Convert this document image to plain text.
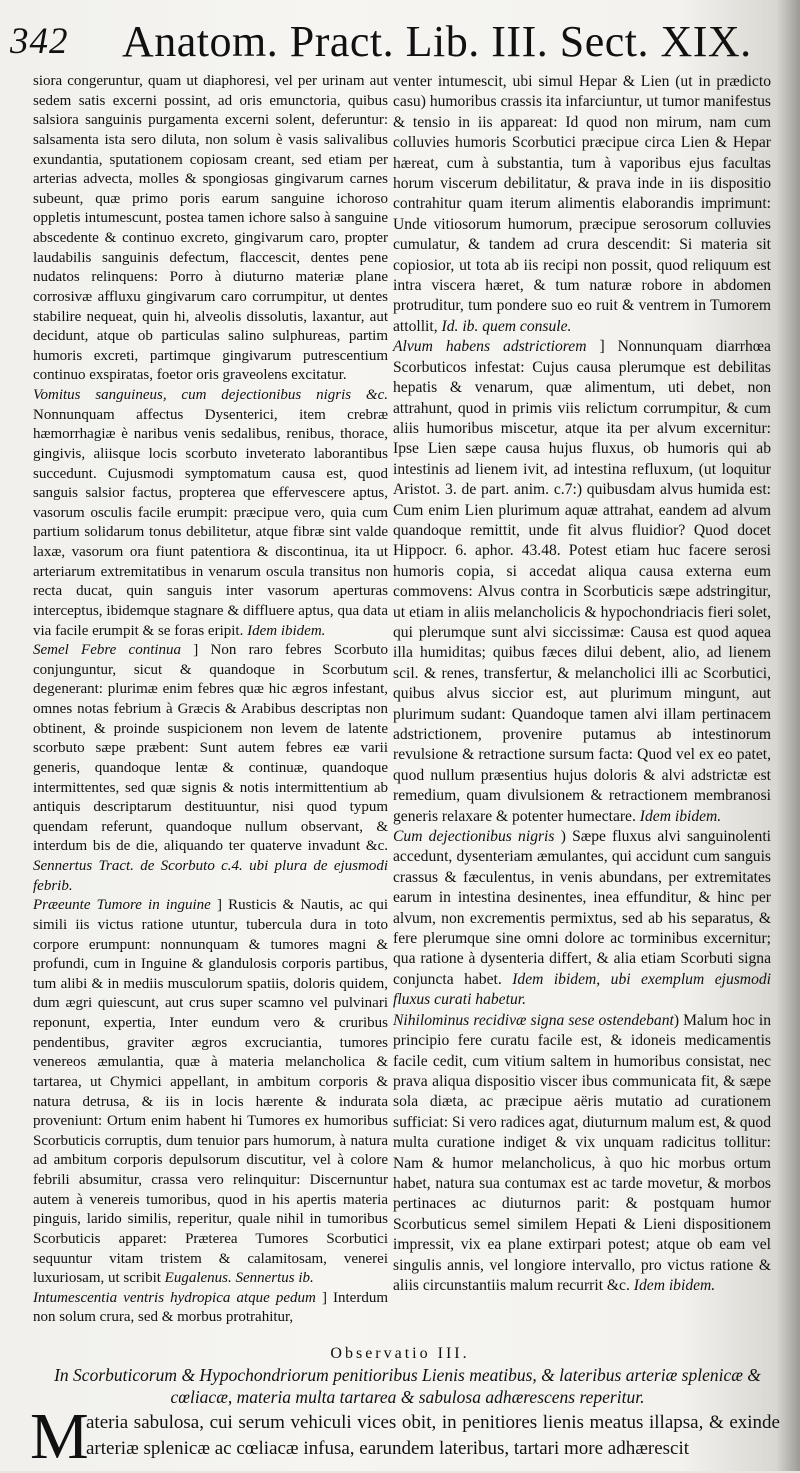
342 Anatom. Pract. Lib. III. Sect. XIX.

siora congeruntur, quam ut diaphoresi, vel per urinam aut sedem satis excerni possint, ad oris emunctoria, quibus salsiora sanguinis purgamenta excerni solent, deferuntur: salsamenta ista sero diluta, non solum è vasis salivalibus exundantia, sputationem copiosam creant, sed etiam per arterias advecta, molles & spongiosas gingivarum carnes subeunt, quæ primo poris earum sanguine ichoroso oppletis intumescunt, postea tamen ichore salso à sanguine abscedente & continuo excreto, gingivarum caro, propter laudabilis sanguinis defectum, flaccescit, dentes pene nudatos relinquens: Porro à diuturno materiæ plane corrosivæ affluxu gingivarum caro corrumpitur, ut dentes stabilire nequeat, quin hi, alveolis dissolutis, laxantur, aut decidunt, atque ob particulas salino sulphureas, partim humoris excreti, partimque gingivarum putrescentium continuo exspiratas, foetor oris graveolens excitatur.

Vomitus sanguineus, cum dejectionibus nigris &c. Nonnunquam affectus Dysenterici, item crebræ hæmorrhagiæ è naribus venis sedalibus, renibus, thorace, gingivis, aliisque locis scorbuto inveterato laborantibus succedunt. Cujusmodi symptomatum causa est, quod sanguis salsior factus, propterea que effervescere aptus, vasorum osculis facile erumpit: præcipue vero, quia cum partium solidarum tonus debilitetur, atque fibræ sint valde laxæ, vasorum ora fiunt patentiora & discontinua, ita ut arteriarum extremitatibus in venarum oscula transitus non recta ducat, quin sanguis inter vasorum aperturas interceptus, ibidemque stagnare & diffluere aptus, qua data via facile erumpit & se foras eripit. Idem ibidem.

Semel Febre continua ] Non raro febres Scorbuto conjunguntur, sicut & quandoque in Scorbutum degenerant: plurimæ enim febres quæ hic ægros infestant, omnes notas febrium à Græcis & Arabibus descriptas non obtinent, & proinde suspicionem non levem de latente scorbuto sæpe præbent: Sunt autem febres eæ varii generis, quandoque lentæ & continuæ, quandoque intermittentes, sed quæ signis & notis intermittentium ab antiquis descriptarum destituuntur, nisi quod typum quendam referunt, quandoque nullum observant, & interdum bis de die, aliquando ter quaterve invadunt &c. Sennertus Tract. de Scorbuto c.4. ubi plura de ejusmodi febrib.

Præeunte Tumore in inguine ] Rusticis & Nautis, ac qui simili iis victus ratione utuntur, tubercula dura in toto corpore erumpunt: nonnunquam & tumores magni & profundi, cum in Inguine & glandulosis corporis partibus, tum alibi & in mediis musculorum spatiis, doloris quidem, dum ægri quiescunt, aut crus super scamno vel pulvinari reponunt, expertia, Inter eundum vero & cruribus pendentibus, graviter ægros excruciantia, tumores venereos æmulantia, quæ à materia melancholica & tartarea, ut Chymici appellant, in ambitum corporis & natura detrusa, & iis in locis hærente & indurata proveniunt: Ortum enim habent hi Tumores ex humoribus Scorbuticis corruptis, dum tenuior pars humorum, à natura ad ambitum corporis depulsorum discutitur, vel à colore febrili absumitur, crassa vero relinquitur: Discernuntur autem à venereis tumoribus, quod in his apertis materia pinguis, larido similis, reperitur, quale nihil in tumoribus Scorbuticis apparet: Præterea Tumores Scorbutici sequuntur vitam tristem & calamitosam, venerei luxuriosam, ut scribit Eugalenus. Sennertus ib.

Intumescentia ventris hydropica atque pedum ] Interdum non solum crura, sed & morbus protrahitur,

venter intumescit, ubi simul Hepar & Lien (ut in prædicto casu) humoribus crassis ita infarciuntur, ut tumor manifestus & tensio in iis appareat: Id quod non mirum, nam cum colluvies humoris Scorbutici præcipue circa Lien & Hepar hæreat, cum à substantia, tum à vaporibus ejus facultas horum viscerum debilitatur, & prava inde in iis dispositio contrahitur quam iterum alimentis elaborandis imprimunt: Unde vitiosorum humorum, præcipue serosorum colluvies cumulatur, & tandem ad crura descendit: Si materia sit copiosior, ut tota ab iis recipi non possit, quod reliquum est intra viscera hæret, & tum naturæ robore in abdomen protruditur, tum pondere suo eo ruit & ventrem in Tumorem attollit, Id. ib. quem consule.

Alvum habens adstrictiorem ] Nonnunquam diarrhœa Scorbuticos infestat: Cujus causa plerumque est debilitas hepatis & venarum, quæ alimentum, uti debet, non attrahunt, quod in primis viis relictum corrumpitur, & cum aliis humoribus miscetur, atque ita per alvum excernitur: Ipse Lien sæpe causa hujus fluxus, ob humoris qui ab intestinis ad lienem ivit, ad intestina refluxum, (ut loquitur Aristot. 3. de part. anim. c.7:) quibusdam alvus humida est: Cum enim Lien plurimum aquæ attrahat, eandem ad alvum quandoque remittit, unde fit alvus fluidior? Quod docet Hippocr. 6. aphor. 43.48. Potest etiam huc facere serosi humoris copia, si accedat aliqua causa externa eum commovens: Alvus contra in Scorbuticis sæpe adstringitur, ut etiam in aliis melancholicis & hypochondriacis fieri solet, qui plerumque sunt alvi siccissimæ: Causa est quod aquea illa humiditas; quibus fæces dilui debent, alio, ad lienem scil. & renes, transfertur, & melancholici illi ac Scorbutici, quibus alvus siccior est, aut plurimum mingunt, aut plurimum sudant: Quandoque tamen alvi illam pertinacem adstrictionem, provenire putamus ab intestinorum revulsione & retractione sursum facta: Quod vel ex eo patet, quod nullum præsentius hujus doloris & alvi adstrictæ est remedium, quam divulsionem & retractionem membranosi generis relaxare & potenter humectare. Idem ibidem.

Cum dejectionibus nigris ) Sæpe fluxus alvi sanguinolenti accedunt, dysenteriam æmulantes, qui accidunt cum sanguis crassus & fæculentus, in venis abundans, per extremitates earum in intestina desinentes, inea effunditur, & hinc per alvum, non excrementis permixtus, sed ab his separatus, & fere plerumque sine omni dolore ac torminibus excernitur; qua ratione à dysenteria differt, & alia etiam Scorbuti signa conjuncta habet. Idem ibidem, ubi exemplum ejusmodi fluxus curati habetur.

Nihilominus recidivæ signa sese ostendebant) Malum hoc in principio fere curatu facile est, & idoneis medicamentis facile cedit, cum vitium saltem in humoribus consistat, nec prava aliqua dispositio viscer ibus communicata fit, & sæpe sola diæta, ac præcipue aëris mutatio ad curationem sufficiat: Si vero radices agat, diuturnum malum est, & quod multa curatione indiget & vix unquam radicitus tollitur: Nam & humor melancholicus, à quo hic morbus ortum habet, natura sua contumax est ac tarde movetur, & morbos pertinaces ac diuturnos parit: & postquam humor Scorbuticus semel similem Hepati & Lieni dispositionem impressit, vix ea plane extirpari potest; atque ob eam vel singulis annis, vel longiore intervallo, pro victus ratione & aliis circunstantiis malum recurrit &c. Idem ibidem.

Observatio III.
In Scorbuticorum & Hypochondriorum penitioribus Lienis meatibus, & lateribus arteriæ splenicæ & cœliacæ, materia multa tartarea & sabulosa adhærescens reperitur.
M
ateria sabulosa, cui serum vehiculi vices obit, in penitiores lienis meatus illapsa, & exinde arteriæ splenicæ ac cœliacæ infusa, earundem lateribus, tartari more adhærescit
